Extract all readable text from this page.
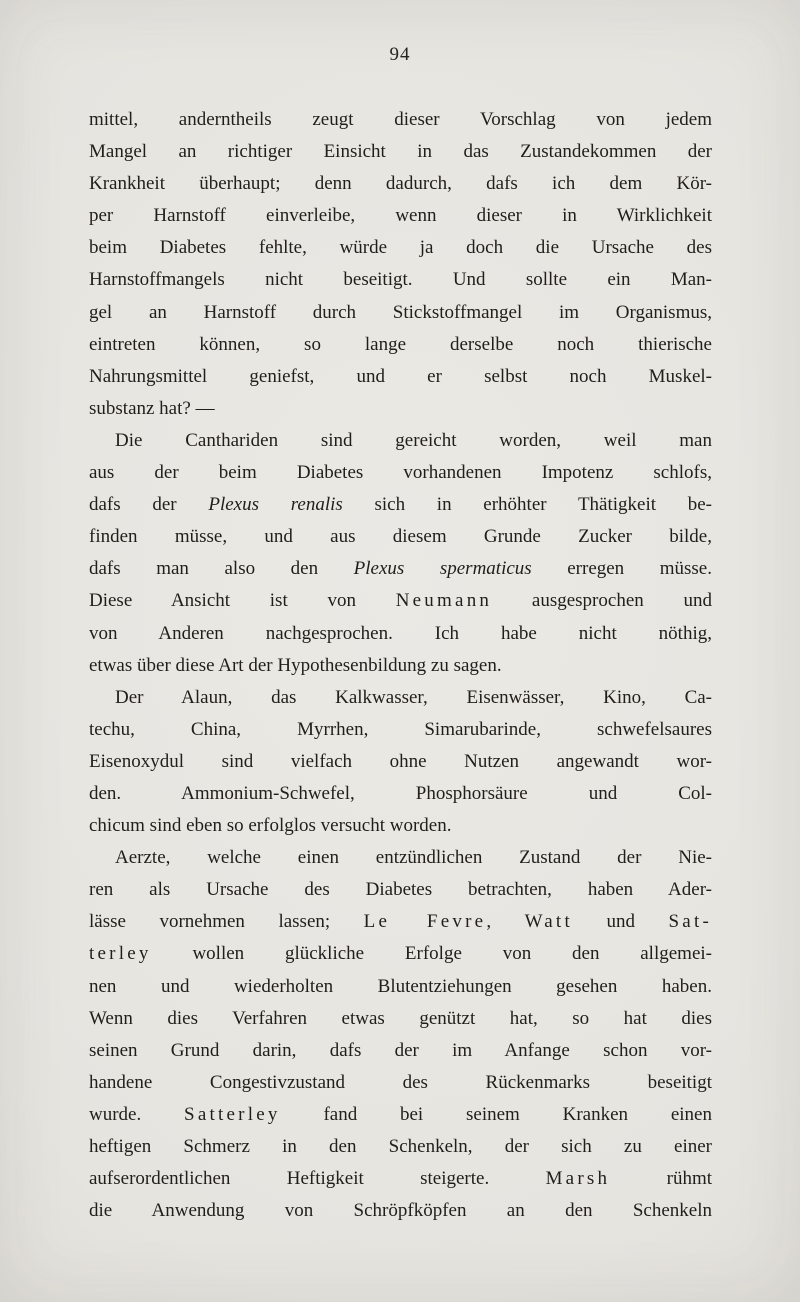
94
mittel, anderntheils zeugt dieser Vorschlag von jedem
Mangel an richtiger Einsicht in das Zustandekommen der
Krankheit überhaupt; denn dadurch, dafs ich dem Kör-
per Harnstoff einverleibe, wenn dieser in Wirklichkeit
beim Diabetes fehlte, würde ja doch die Ursache des
Harnstoffmangels nicht beseitigt. Und sollte ein Man-
gel an Harnstoff durch Stickstoffmangel im Organismus,
eintreten können, so lange derselbe noch thierische
Nahrungsmittel geniefst, und er selbst noch Muskel-
substanz hat? —
Die Canthariden sind gereicht worden, weil man
aus der beim Diabetes vorhandenen Impotenz schlofs,
dafs der Plexus renalis sich in erhöhter Thätigkeit be-
finden müsse, und aus diesem Grunde Zucker bilde,
dafs man also den Plexus spermaticus erregen müsse.
Diese Ansicht ist von Neumann ausgesprochen und
von Anderen nachgesprochen. Ich habe nicht nöthig,
etwas über diese Art der Hypothesenbildung zu sagen.
Der Alaun, das Kalkwasser, Eisenwässer, Kino, Ca-
techu, China, Myrrhen, Simarubarinde, schwefelsaures
Eisenoxydul sind vielfach ohne Nutzen angewandt wor-
den. Ammonium-Schwefel, Phosphorsäure und Col-
chicum sind eben so erfolglos versucht worden.
Aerzte, welche einen entzündlichen Zustand der Nie-
ren als Ursache des Diabetes betrachten, haben Ader-
lässe vornehmen lassen; Le Fevre, Watt und Sat-
terley wollen glückliche Erfolge von den allgemei-
nen und wiederholten Blutentziehungen gesehen haben.
Wenn dies Verfahren etwas genützt hat, so hat dies
seinen Grund darin, dafs der im Anfange schon vor-
handene Congestivzustand des Rückenmarks beseitigt
wurde. Satterley fand bei seinem Kranken einen
heftigen Schmerz in den Schenkeln, der sich zu einer
aufserordentlichen Heftigkeit steigerte. Marsh rühmt
die Anwendung von Schröpfköpfen an den Schenkeln
